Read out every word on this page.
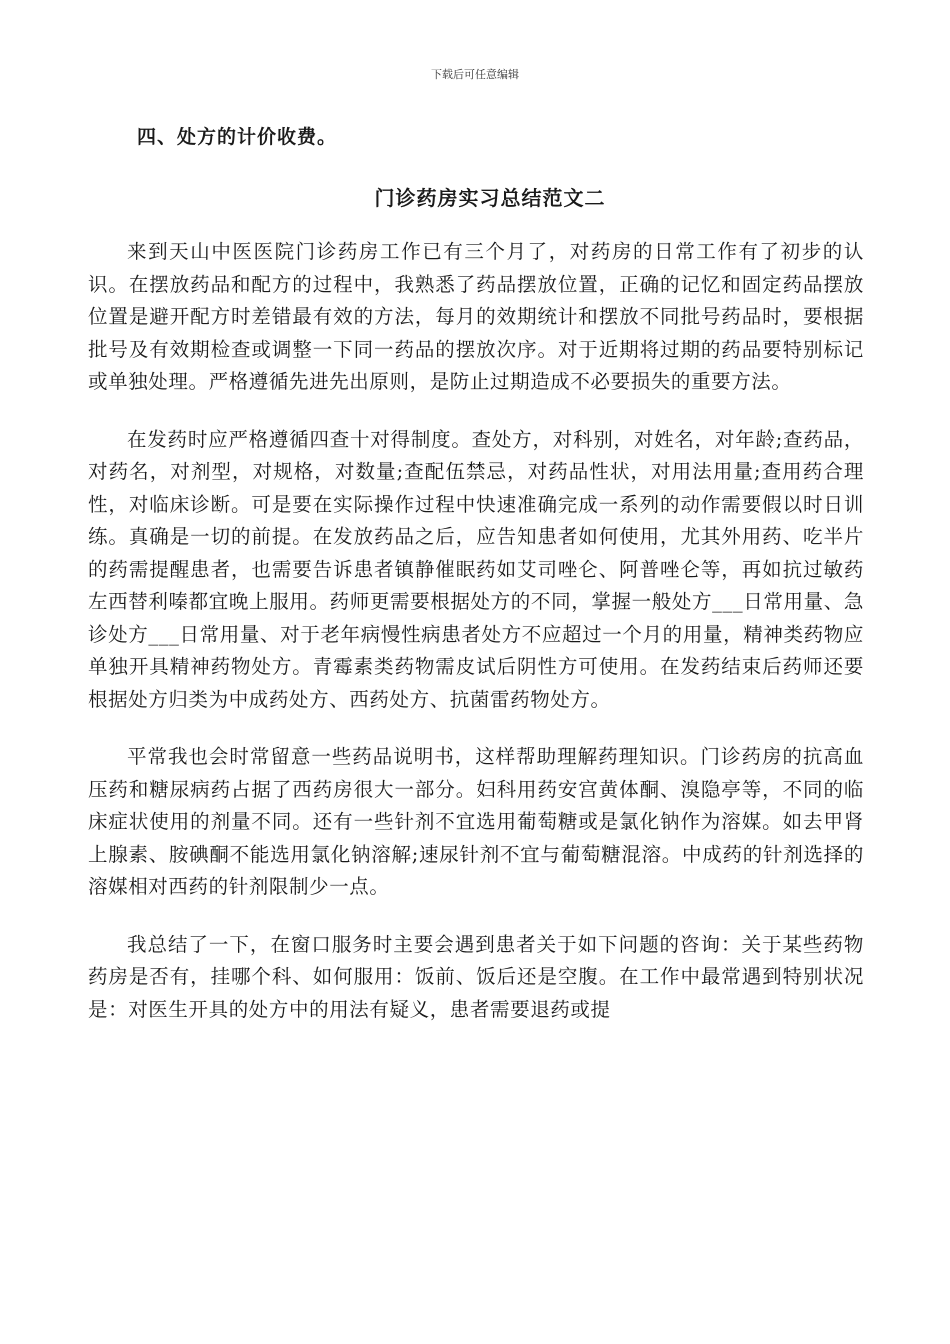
下载后可任意编辑
四、处方的计价收费。
门诊药房实习总结范文二

来到天山中医医院门诊药房工作已有三个月了，对药房的日常工作有了初步的认识。在摆放药品和配方的过程中，我熟悉了药品摆放位置，正确的记忆和固定药品摆放位置是避开配方时差错最有效的方法，每月的效期统计和摆放不同批号药品时，要根据批号及有效期检查或调整一下同一药品的摆放次序。对于近期将过期的药品要特别标记或单独处理。严格遵循先进先出原则，是防止过期造成不必要损失的重要方法。

在发药时应严格遵循四查十对得制度。查处方，对科别，对姓名，对年龄;查药品，对药名，对剂型，对规格，对数量;查配伍禁忌，对药品性状，对用法用量;查用药合理性，对临床诊断。可是要在实际操作过程中快速准确完成一系列的动作需要假以时日训练。真确是一切的前提。在发放药品之后，应告知患者如何使用，尤其外用药、吃半片的药需提醒患者，也需要告诉患者镇静催眠药如艾司唑仑、阿普唑仑等，再如抗过敏药左西替利嗪都宜晚上服用。药师更需要根据处方的不同，掌握一般处方___日常用量、急诊处方___日常用量、对于老年病慢性病患者处方不应超过一个月的用量，精神类药物应单独开具精神药物处方。青霉素类药物需皮试后阴性方可使用。在发药结束后药师还要根据处方归类为中成药处方、西药处方、抗菌雷药物处方。

平常我也会时常留意一些药品说明书，这样帮助理解药理知识。门诊药房的抗高血压药和糖尿病药占据了西药房很大一部分。妇科用药安宫黄体酮、溴隐亭等，不同的临床症状使用的剂量不同。还有一些针剂不宜选用葡萄糖或是氯化钠作为溶媒。如去甲肾上腺素、胺碘酮不能选用氯化钠溶解;速尿针剂不宜与葡萄糖混溶。中成药的针剂选择的溶媒相对西药的针剂限制少一点。

我总结了一下，在窗口服务时主要会遇到患者关于如下问题的咨询：关于某些药物药房是否有，挂哪个科、如何服用：饭前、饭后还是空腹。在工作中最常遇到特别状况是：对医生开具的处方中的用法有疑义，患者需要退药或提
